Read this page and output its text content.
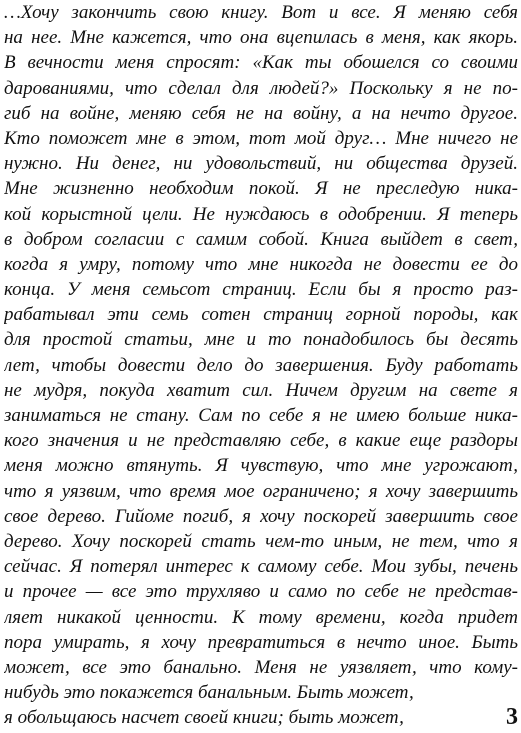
…Хочу закончить свою книгу. Вот и все. Я меняю себя
на нее. Мне кажется, что она вцепилась в меня, как якорь.
В вечности меня спросят: «Как ты обошелся со своими
дарованиями, что сделал для людей?» Поскольку я не по-
гиб на войне, меняю себя не на войну, а на нечто другое.
Кто поможет мне в этом, тот мой друг… Мне ничего не
нужно. Ни денег, ни удовольствий, ни общества друзей.
Мне жизненно необходим покой. Я не преследую ника-
кой корыстной цели. Не нуждаюсь в одобрении. Я теперь
в добром согласии с самим собой. Книга выйдет в свет,
когда я умру, потому что мне никогда не довести ее до
конца. У меня семьсот страниц. Если бы я просто раз-
рабатывал эти семь сотен страниц горной породы, как
для простой статьи, мне и то понадобилось бы десять
лет, чтобы довести дело до завершения. Буду работать
не мудря, покуда хватит сил. Ничем другим на свете я
заниматься не стану. Сам по себе я не имею больше ника-
кого значения и не представляю себе, в какие еще раздоры
меня можно втянуть. Я чувствую, что мне угрожают,
что я уязвим, что время мое ограничено; я хочу завершить
свое дерево. Гийоме погиб, я хочу поскорей завершить свое
дерево. Хочу поскорей стать чем-то иным, не тем, что я
сейчас. Я потерял интерес к самому себе. Мои зубы, печень
и прочее — все это трухляво и само по себе не представ-
ляет никакой ценности. К тому времени, когда придет
пора умирать, я хочу превратиться в нечто иное. Быть
может, все это банально. Меня не уязвляет, что кому-
нибудь это покажется банальным. Быть может,
я обольщаюсь насчет своей книги; быть может,	3
